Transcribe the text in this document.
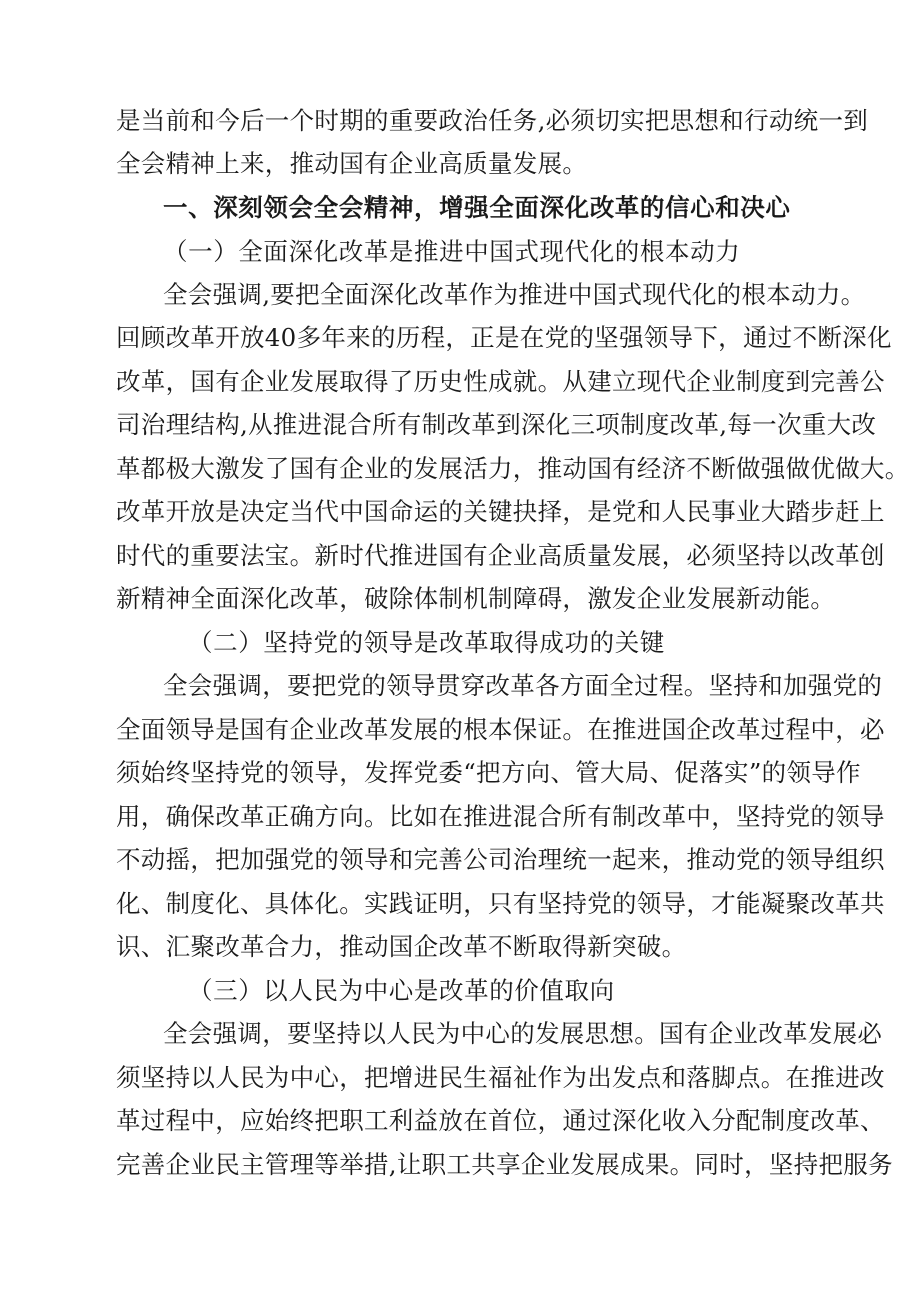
是当前和今后一个时期的重要政治任务,必须切实把思想和行动统一到
全会精神上来，推动国有企业高质量发展。
一、深刻领会全会精神，增强全面深化改革的信心和决心
（一）全面深化改革是推进中国式现代化的根本动力
全会强调,要把全面深化改革作为推进中国式现代化的根本动力。
回顾改革开放40多年来的历程，正是在党的坚强领导下，通过不断深化
改革，国有企业发展取得了历史性成就。从建立现代企业制度到完善公
司治理结构,从推进混合所有制改革到深化三项制度改革,每一次重大改
革都极大激发了国有企业的发展活力，推动国有经济不断做强做优做大。
改革开放是决定当代中国命运的关键抉择，是党和人民事业大踏步赶上
时代的重要法宝。新时代推进国有企业高质量发展，必须坚持以改革创
新精神全面深化改革，破除体制机制障碍，激发企业发展新动能。
（二）坚持党的领导是改革取得成功的关键
全会强调，要把党的领导贯穿改革各方面全过程。坚持和加强党的
全面领导是国有企业改革发展的根本保证。在推进国企改革过程中，必
须始终坚持党的领导，发挥党委“把方向、管大局、促落实”的领导作
用，确保改革正确方向。比如在推进混合所有制改革中，坚持党的领导
不动摇，把加强党的领导和完善公司治理统一起来，推动党的领导组织
化、制度化、具体化。实践证明，只有坚持党的领导，才能凝聚改革共
识、汇聚改革合力，推动国企改革不断取得新突破。
（三）以人民为中心是改革的价值取向
全会强调，要坚持以人民为中心的发展思想。国有企业改革发展必
须坚持以人民为中心，把增进民生福祉作为出发点和落脚点。在推进改
革过程中，应始终把职工利益放在首位，通过深化收入分配制度改革、
完善企业民主管理等举措,让职工共享企业发展成果。同时，坚持把服务
